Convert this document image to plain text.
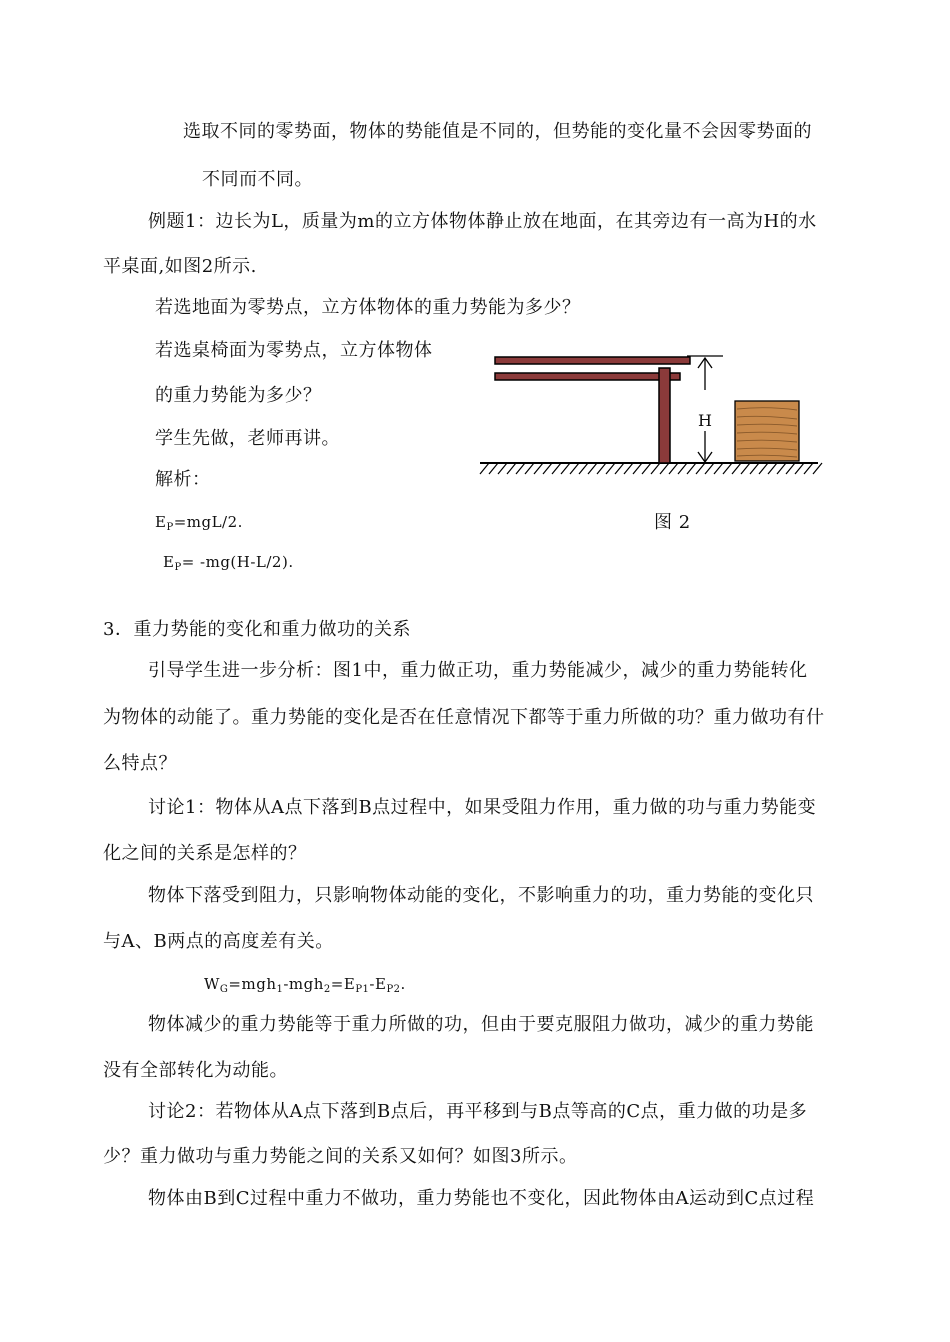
选取不同的零势面，物体的势能值是不同的，但势能的变化量不会因零势面的
不同而不同。
例题1：边长为L，质量为m的立方体物体静止放在地面，在其旁边有一高为H的水
平桌面,如图2所示.
若选地面为零势点，立方体物体的重力势能为多少？
若选桌椅面为零势点，立方体物体
的重力势能为多少？
学生先做，老师再讲。
解析：
$E_P=mgL/2$.
$E_P= -mg(H-L/2)$.
H
图 2
3．重力势能的变化和重力做功的关系
引导学生进一步分析：图1中，重力做正功，重力势能减少，减少的重力势能转化
为物体的动能了。重力势能的变化是否在任意情况下都等于重力所做的功？重力做功有什
么特点？
讨论1：物体从A点下落到B点过程中，如果受阻力作用，重力做的功与重力势能变
化之间的关系是怎样的？
物体下落受到阻力，只影响物体动能的变化，不影响重力的功，重力势能的变化只
与A、B两点的高度差有关。
$W_G=mgh_1-mgh_2=E_{P1}-E_{P2}$.
物体减少的重力势能等于重力所做的功，但由于要克服阻力做功，减少的重力势能
没有全部转化为动能。
讨论2：若物体从A点下落到B点后，再平移到与B点等高的C点，重力做的功是多
少？重力做功与重力势能之间的关系又如何？如图3所示。
物体由B到C过程中重力不做功，重力势能也不变化，因此物体由A运动到C点过程
